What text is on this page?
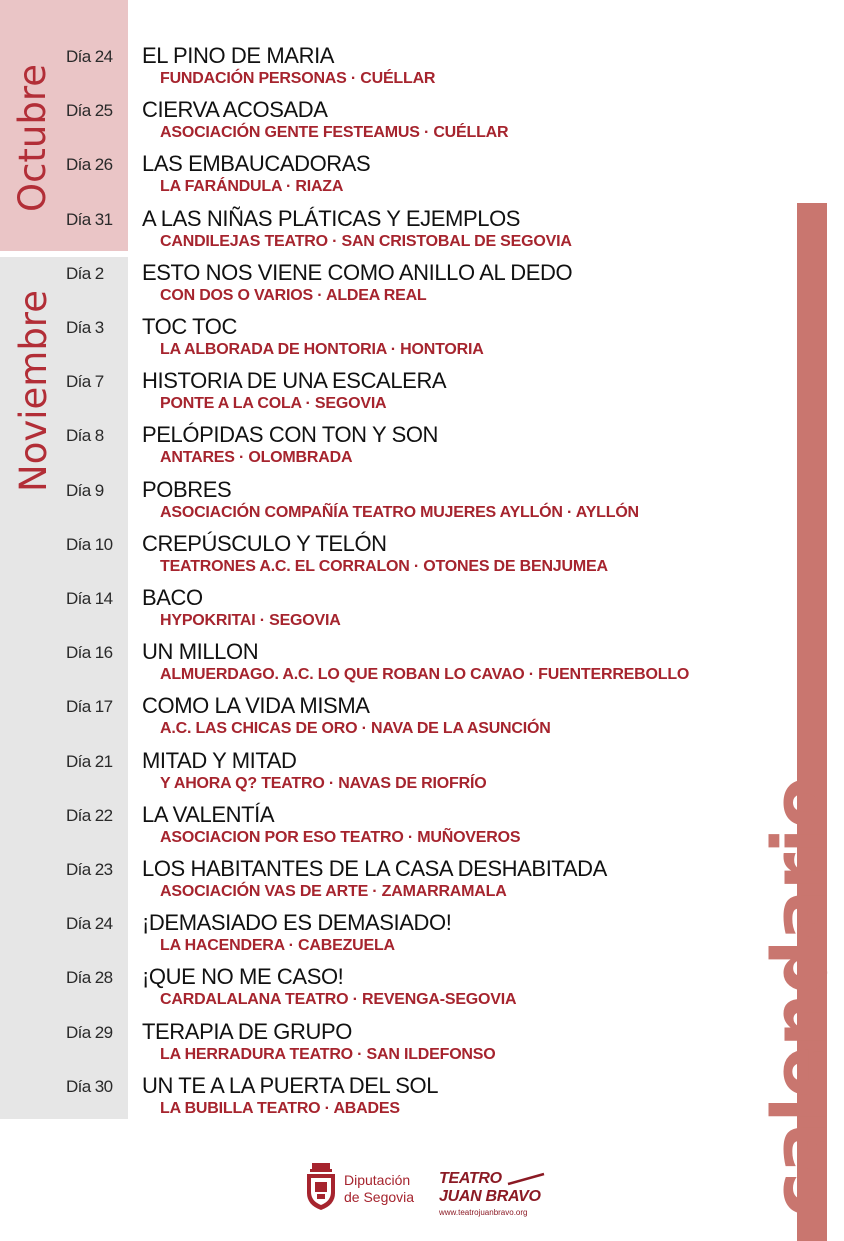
Octubre
Noviembre
Día 24	EL PINO DE MARIA
FUNDACIÓN PERSONAS · CUÉLLAR
Día 25	CIERVA ACOSADA
ASOCIACIÓN GENTE FESTEAMUS · CUÉLLAR
Día 26	LAS EMBAUCADORAS
LA FARÁNDULA · RIAZA
Día 31	A LAS NIÑAS PLÁTICAS Y EJEMPLOS
CANDILEJAS TEATRO · SAN CRISTOBAL DE SEGOVIA
Día 2	ESTO NOS VIENE COMO ANILLO AL DEDO
CON DOS O VARIOS · ALDEA REAL
Día 3	TOC TOC
LA ALBORADA DE HONTORIA · HONTORIA
Día 7	HISTORIA DE UNA ESCALERA
PONTE A LA COLA · SEGOVIA
Día 8	PELÓPIDAS CON TON Y SON
ANTARES · OLOMBRADA
Día 9	POBRES
ASOCIACIÓN COMPAÑÍA TEATRO MUJERES AYLLÓN · AYLLÓN
Día 10	CREPÚSCULO Y TELÓN
TEATRONES A.C. EL CORRALON · OTONES DE BENJUMEA
Día 14	BACO
HYPOKRITAI · SEGOVIA
Día 16	UN MILLON
ALMUERDAGO. A.C. LO QUE ROBAN LO CAVAO · FUENTERREBOLLO
Día 17	COMO LA VIDA MISMA
A.C. LAS CHICAS DE ORO · NAVA DE LA ASUNCIÓN
Día 21	MITAD Y MITAD
Y AHORA Q? TEATRO · NAVAS DE RIOFRÍO
Día 22	LA VALENTÍA
ASOCIACION POR ESO TEATRO · MUÑOVEROS
Día 23	LOS HABITANTES DE LA CASA DESHABITADA
ASOCIACIÓN VAS DE ARTE · ZAMARRAMALA
Día 24	¡DEMASIADO ES DEMASIADO!
LA HACENDERA · CABEZUELA
Día 28	¡QUE NO ME CASO!
CARDALALANA TEATRO · REVENGA-SEGOVIA
Día 29	TERAPIA DE GRUPO
LA HERRADURA TEATRO · SAN ILDEFONSO
Día 30	UN TE A LA PUERTA DEL SOL
LA BUBILLA TEATRO · ABADES	calendario
Diputación
de Segovia
TEATRO
JUAN BRAVO
www.teatrojuanbravo.org
